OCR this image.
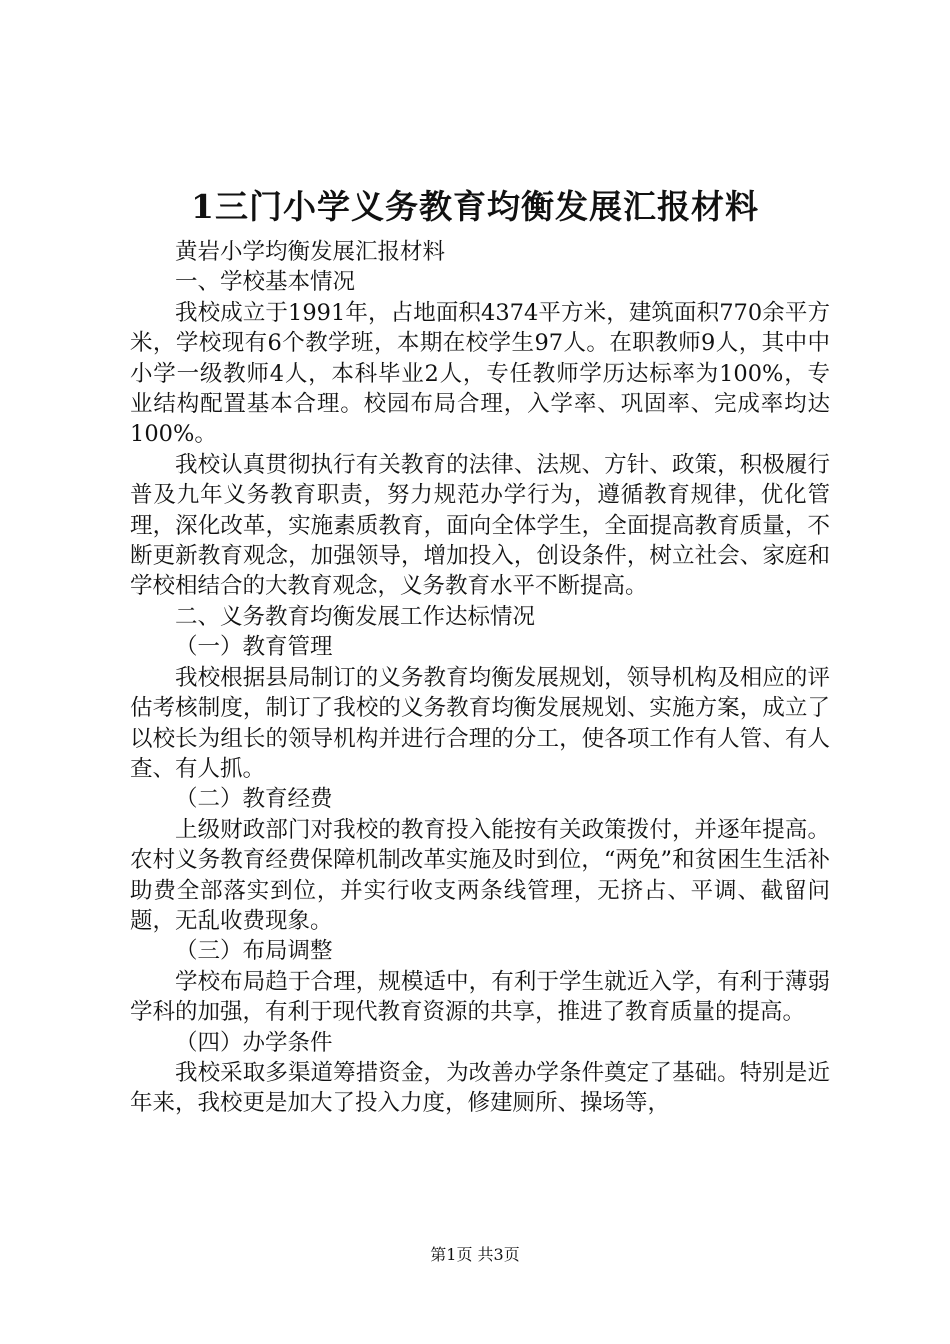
1三门小学义务教育均衡发展汇报材料

黄岩小学均衡发展汇报材料

一、学校基本情况

我校成立于1991年，占地面积4374平方米，建筑面积770余平方米，学校现有6个教学班，本期在校学生97人。在职教师9人，其中中小学一级教师4人，本科毕业2人，专任教师学历达标率为100%，专业结构配置基本合理。校园布局合理，入学率、巩固率、完成率均达100%。

我校认真贯彻执行有关教育的法律、法规、方针、政策，积极履行普及九年义务教育职责，努力规范办学行为，遵循教育规律，优化管理，深化改革，实施素质教育，面向全体学生，全面提高教育质量，不断更新教育观念，加强领导，增加投入，创设条件，树立社会、家庭和学校相结合的大教育观念，义务教育水平不断提高。

二、义务教育均衡发展工作达标情况

（一）教育管理

我校根据县局制订的义务教育均衡发展规划，领导机构及相应的评估考核制度，制订了我校的义务教育均衡发展规划、实施方案，成立了以校长为组长的领导机构并进行合理的分工，使各项工作有人管、有人查、有人抓。

（二）教育经费

上级财政部门对我校的教育投入能按有关政策拨付，并逐年提高。农村义务教育经费保障机制改革实施及时到位，“两免”和贫困生生活补助费全部落实到位，并实行收支两条线管理，无挤占、平调、截留问题，无乱收费现象。

（三）布局调整

学校布局趋于合理，规模适中，有利于学生就近入学，有利于薄弱学科的加强，有利于现代教育资源的共享，推进了教育质量的提高。

（四）办学条件

我校采取多渠道筹措资金，为改善办学条件奠定了基础。特别是近年来，我校更是加大了投入力度，修建厕所、操场等，

第1页 共3页
